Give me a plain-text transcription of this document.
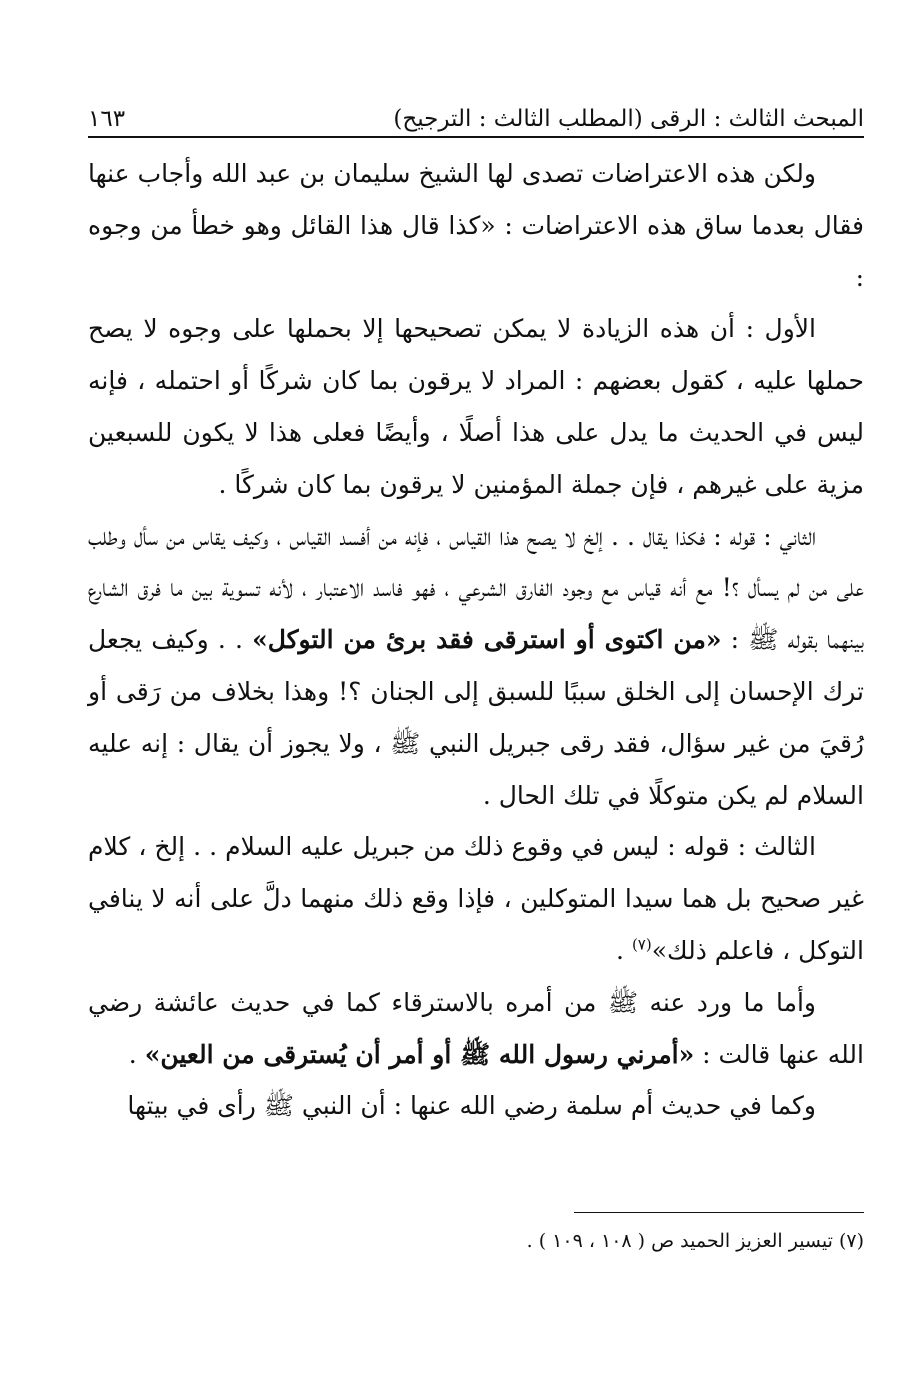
المبحث الثالث : الرقى (المطلب الثالث : الترجيح)
١٦٣

ولكن هذه الاعتراضات تصدى لها الشيخ سليمان بن عبد الله وأجاب عنها فقال بعدما ساق هذه الاعتراضات : «كذا قال هذا القائل وهو خطأ من وجوه :

الأول : أن هذه الزيادة لا يمكن تصحيحها إلا بحملها على وجوه لا يصح حملها عليه ، كقول بعضهم : المراد لا يرقون بما كان شركًا أو احتمله ، فإنه ليس في الحديث ما يدل على هذا أصلًا ، وأيضًا فعلى هذا لا يكون للسبعين مزية على غيرهم ، فإن جملة المؤمنين لا يرقون بما كان شركًا .

الثاني : قوله : فكذا يقال . . إلخ لا يصح هذا القياس ، فإنه من أفسد القياس ، وكيف يقاس من سأل وطلب على من لم يسأل ؟! مع أنه قياس مع وجود الفارق الشرعي ، فهو فاسد الاعتبار ، لأنه تسوية بين ما فرق الشارع بينهما بقوله ﷺ : «من اكتوى أو استرقى فقد برئ من التوكل» . . وكيف يجعل ترك الإحسان إلى الخلق سببًا للسبق إلى الجنان ؟! وهذا بخلاف من رَقى أو رُقيَ من غير سؤال، فقد رقى جبريل النبي ﷺ ، ولا يجوز أن يقال : إنه عليه السلام لم يكن متوكلًا في تلك الحال .

الثالث : قوله : ليس في وقوع ذلك من جبريل عليه السلام . . إلخ ، كلام غير صحيح بل هما سيدا المتوكلين ، فإذا وقع ذلك منهما دلَّ على أنه لا ينافي التوكل ، فاعلم ذلك»$^{(٧)}$ .

وأما ما ورد عنه ﷺ من أمره بالاسترقاء كما في حديث عائشة رضي الله عنها قالت : «أمرني رسول الله ﷺ أو أمر أن يُسترقى من العين» .

وكما في حديث أم سلمة رضي الله عنها : أن النبي ﷺ رأى في بيتها

(٧) تيسير العزيز الحميد ص ( ١٠٨ ، ١٠٩ ) .
